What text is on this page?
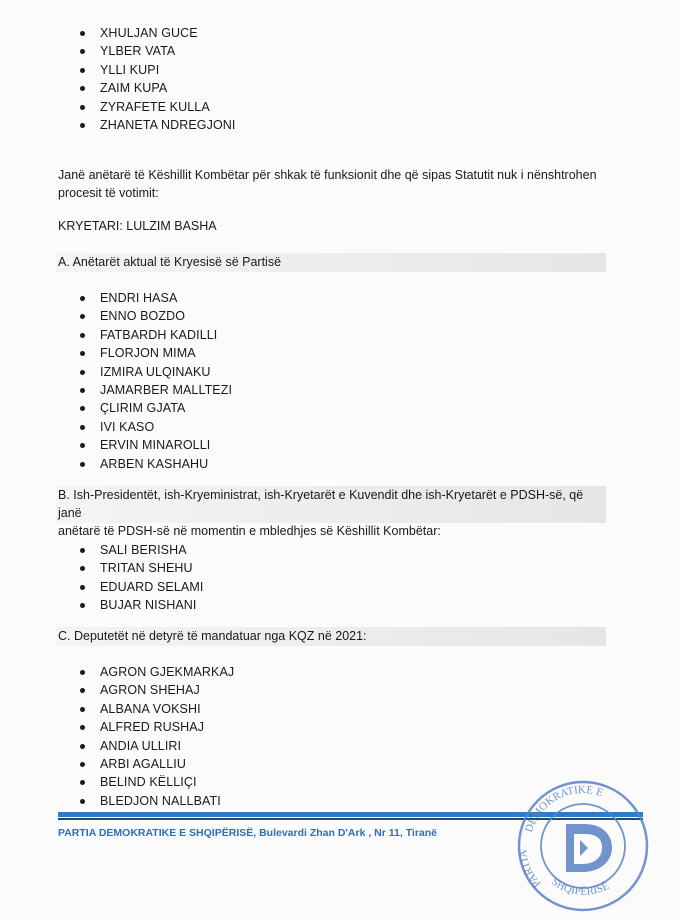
XHULJAN GUCE
YLBER VATA
YLLI KUPI
ZAIM KUPA
ZYRAFETE KULLA
ZHANETA NDREGJONI
Janë anëtarë të Këshillit Kombëtar për shkak të funksionit dhe që sipas Statutit nuk i nënshtrohen
procesit të votimit:
KRYETARI: LULZIM BASHA
A. Anëtarët aktual të Kryesisë së Partisë
ENDRI HASA
ENNO BOZDO
FATBARDH KADILLI
FLORJON MIMA
IZMIRA ULQINAKU
JAMARBER MALLTEZI
ÇLIRIM GJATA
IVI KASO
ERVIN MINAROLLI
ARBEN KASHAHU
B. Ish-Presidentët, ish-Kryeministrat, ish-Kryetarët e Kuvendit dhe ish-Kryetarët e PDSH-së, që janë
anëtarë të PDSH-së në momentin e mbledhjes së Këshillit Kombëtar:
SALI BERISHA
TRITAN SHEHU
EDUARD SELAMI
BUJAR NISHANI
C. Deputetët në detyrë të mandatuar nga KQZ në 2021:
AGRON GJEKMARKAJ
AGRON SHEHAJ
ALBANA VOKSHI
ALFRED RUSHAJ
ANDIA ULLIRI
ARBI AGALLIU
BELIND KËLLIÇI
BLEDJON NALLBATI
PARTIA DEMOKRATIKE E SHQIPËRISË, Bulevardi Zhan D'Ark , Nr 11, Tiranë	DEMOKRATIKE E
PARTIA
SHQIPËRISË
